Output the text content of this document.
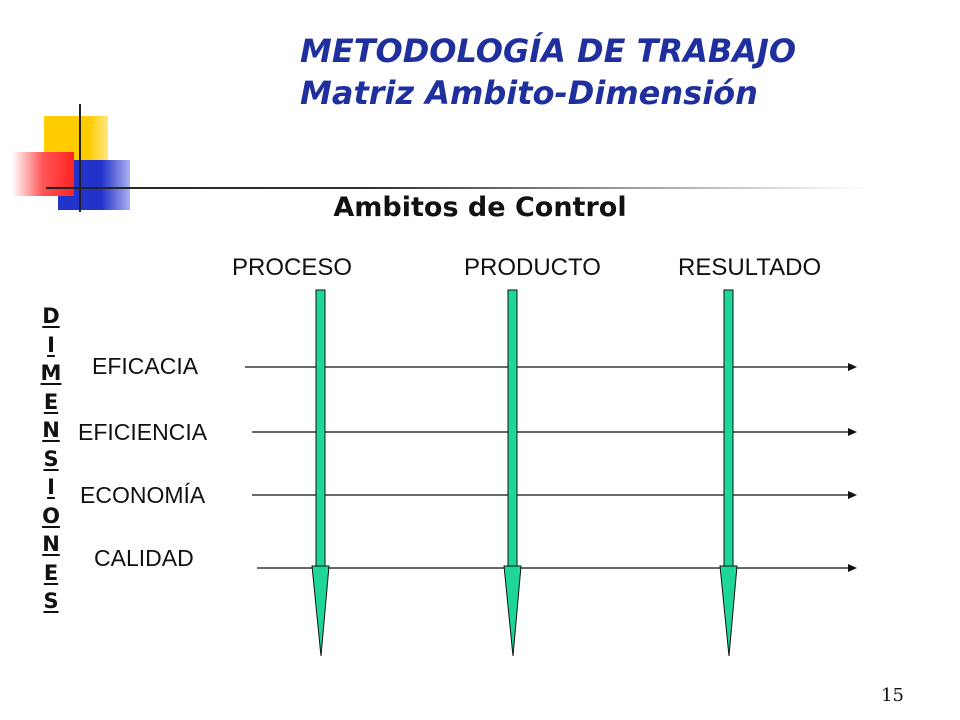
METODOLOGÍA DE TRABAJO
Matriz Ambito-Dimensión
Ambitos de Control
PROCESO	PRODUCTO	RESULTADO
D
I
M
E
N
S
I
O
N
E
S
EFICACIA
EFICIENCIA
ECONOMÍA
CALIDAD
15
